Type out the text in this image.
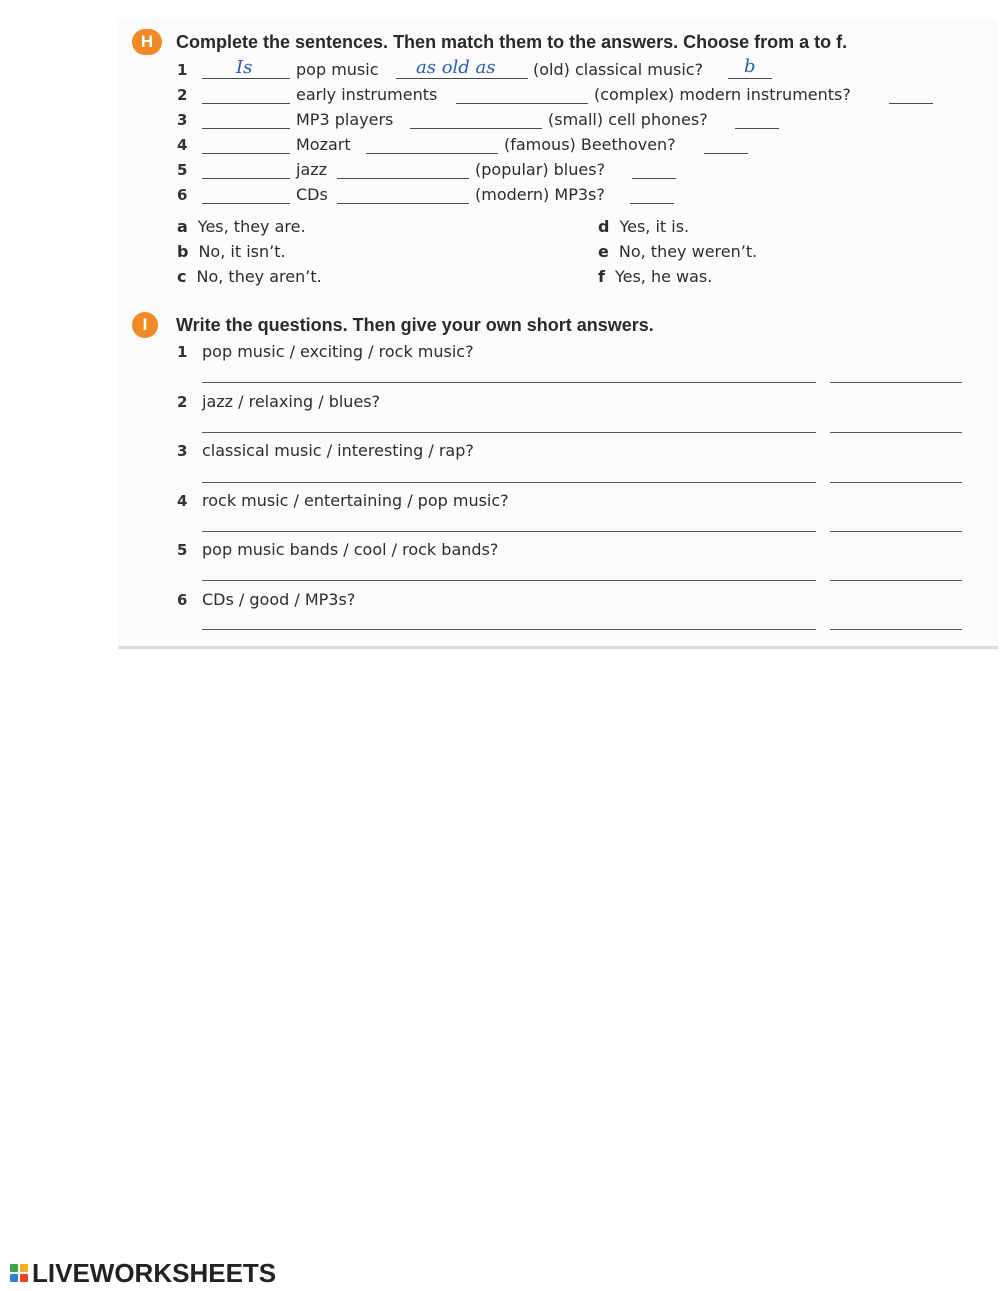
H	Complete the sentences. Then match them to the answers. Choose from a to f.
1	Is	pop music as old as (old) classical music? b
2	early instruments	(complex) modern instruments?
3	MP3 players	(small) cell phones?
4	Mozart	(famous) Beethoven?
5	jazz	(popular) blues?
6	CDs	(modern) MP3s?
a Yes, they are.
b No, it isn’t.
c No, they aren’t.
d Yes, it is.
e No, they weren’t.
f Yes, he was.
I	Write the questions. Then give your own short answers.
1 pop music / exciting / rock music?
2 jazz / relaxing / blues?
3 classical music / interesting / rap?
4 rock music / entertaining / pop music?
5 pop music bands / cool / rock bands?
6 CDs / good / MP3s?
LIVEWORKSHEETS
